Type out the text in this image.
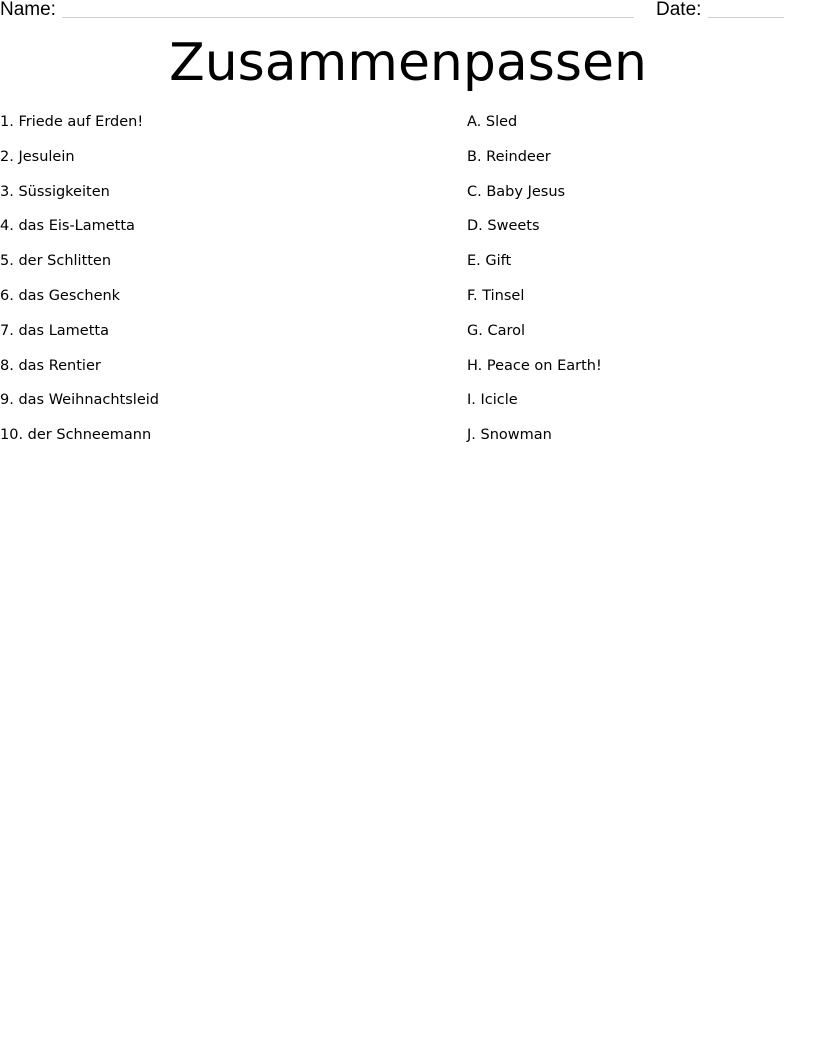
Name:	Date:
Zusammenpassen
1. Friede auf Erden!
2. Jesulein
3. Süssigkeiten
4. das Eis-Lametta
5. der Schlitten
6. das Geschenk
7. das Lametta
8. das Rentier
9. das Weihnachtsleid
10. der Schneemann
A. Sled
B. Reindeer
C. Baby Jesus
D. Sweets
E. Gift
F. Tinsel
G. Carol
H. Peace on Earth!
I. Icicle
J. Snowman
